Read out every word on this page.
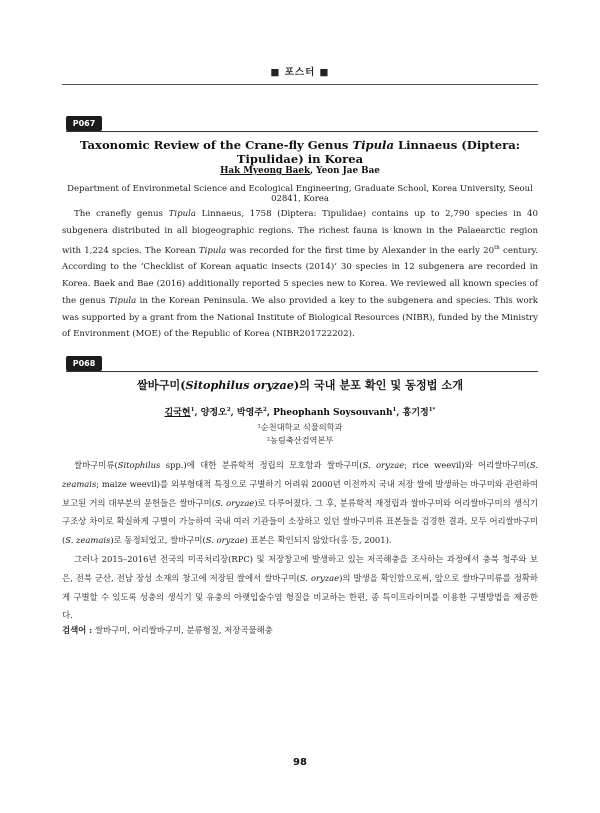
■ 포스터 ■
P067
Taxonomic Review of the Crane-fly Genus Tipula Linnaeus (Diptera: Tipulidae) in Korea
Hak Myeong Baek, Yeon Jae Bae
Department of Environmetal Science and Ecological Engineering, Graduate School, Korea University, Seoul 02841, Korea

The cranefly genus Tipula Linnaeus, 1758 (Diptera: Tipulidae) contains up to 2,790 species in 40 subgenera distributed in all biogeographic regions. The richest fauna is known in the Palaearctic region with 1,224 spcies. The Korean Tipula was recorded for the first time by Alexander in the early 20th century. According to the ‘Checklist of Korean aquatic insects (2014)’ 30 species in 12 subgenera are recorded in Korea. Baek and Bae (2016) additionally reported 5 species new to Korea. We reviewed all known species of the genus Tipula in the Korean Peninsula. We also provided a key to the subgenera and species. This work was supported by a grant from the National Institute of Biological Resources (NIBR), funded by the Ministry of Environment (MOE) of the Republic of Korea (NIBR201722202).

P068
쌀바구미(Sitophilus oryzae)의 국내 분포 확인 및 동정법 소개
김국현$^1$, 양정오$^2$, 박영주$^2$, Pheophanh Soysouvanh$^1$, 홍기정$^{1*}$
¹순천대학교 식물의학과
²농림축산검역본부

쌀바구미류(Sitophilus spp.)에 대한 분류학적 정립의 모호함과 쌀바구미(S. oryzae; rice weevil)와 어리쌀바구미(S. zeamais; maize weevil)를 외부형태적 특징으로 구별하기 어려워 2000년 이전까지 국내 저장 쌀에 발생하는 바구미와 관련하여 보고된 거의 대부분의 문헌들은 쌀바구미(S. oryzae)로 다루어졌다. 그 후, 분류학적 재정립과 쌀바구미와 어리쌀바구미의 생식기 구조상 차이로 확실하게 구별이 가능하여 국내 여러 기관들이 소장하고 있던 쌀바구미류 표본들을 검경한 결과, 모두 어리쌀바구미(S. zeamais)로 동정되었고, 쌀바구미(S. oryzae) 표본은 확인되지 않았다(홍 등, 2001).

그러나 2015–2016년 전국의 미곡처리장(RPC) 및 저장창고에 발생하고 있는 저곡해충을 조사하는 과정에서 충북 청주와 보은, 전북 군산, 전남 장성 소재의 창고에 저장된 쌀에서 쌀바구미(S. oryzae)의 발생을 확인함으로써, 앞으로 쌀바구미류를 정확하게 구별할 수 있도록 성충의 생식기 및 유충의 아랫입술수염 형질을 비교하는 한편, 종 특이프라이머를 이용한 구별방법을 제공한다.

검색어 : 쌀바구미, 어리쌀바구미, 분류형질, 저장곡물해충
98
